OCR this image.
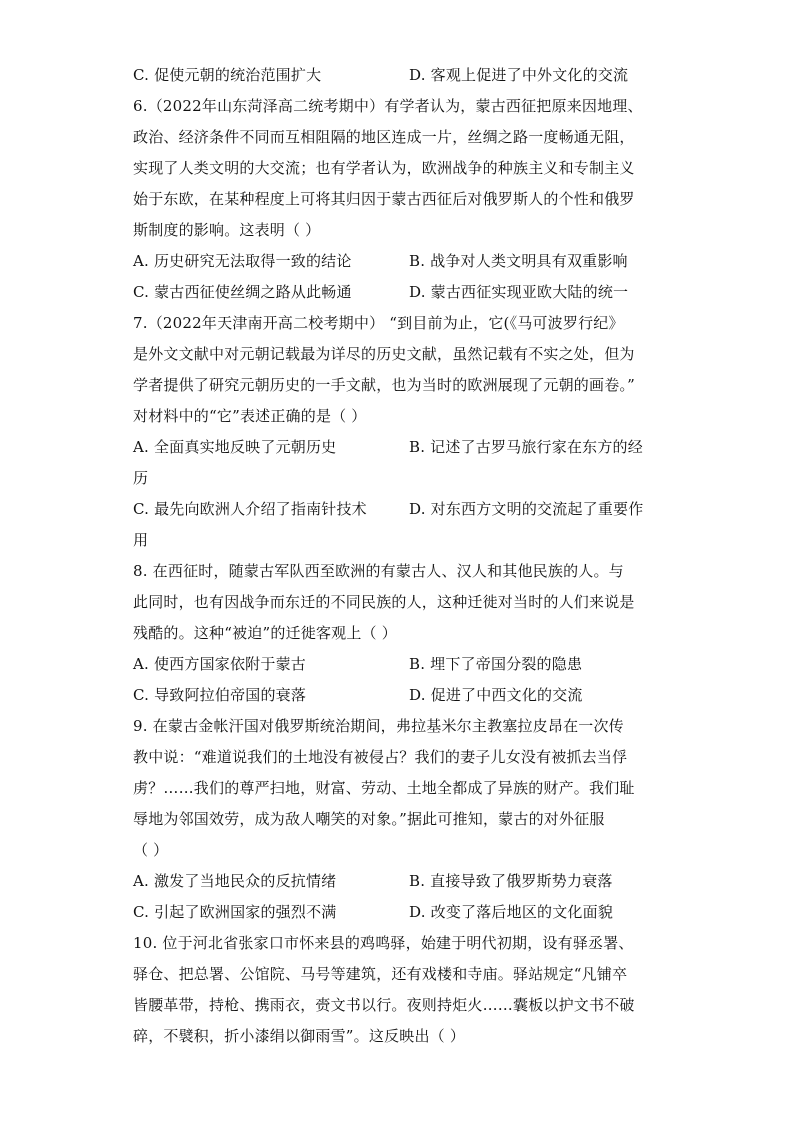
C. 促使元朝的统治范围扩大	D. 客观上促进了中外文化的交流
6.（2022年山东菏泽高二统考期中）有学者认为，蒙古西征把原来因地理、
政治、经济条件不同而互相阻隔的地区连成一片，丝绸之路一度畅通无阻，
实现了人类文明的大交流；也有学者认为，欧洲战争的种族主义和专制主义
始于东欧，在某种程度上可将其归因于蒙古西征后对俄罗斯人的个性和俄罗
斯制度的影响。这表明（ ）
A. 历史研究无法取得一致的结论	B. 战争对人类文明具有双重影响
C. 蒙古西征使丝绸之路从此畅通	D. 蒙古西征实现亚欧大陆的统一
7.（2022年天津南开高二校考期中） “到目前为止，它(《马可波罗行纪》
是外文文献中对元朝记载最为详尽的历史文献，虽然记载有不实之处，但为
学者提供了研究元朝历史的一手文献，也为当时的欧洲展现了元朝的画卷。”
对材料中的“它”表述正确的是（ ）
A. 全面真实地反映了元朝历史	B. 记述了古罗马旅行家在东方的经
历
C. 最先向欧洲人介绍了指南针技术	D. 对东西方文明的交流起了重要作
用
8. 在西征时，随蒙古军队西至欧洲的有蒙古人、汉人和其他民族的人。与
此同时，也有因战争而东迁的不同民族的人，这种迁徙对当时的人们来说是
残酷的。这种“被迫”的迁徙客观上（ ）
A. 使西方国家依附于蒙古	B. 埋下了帝国分裂的隐患
C. 导致阿拉伯帝国的衰落	D. 促进了中西文化的交流
9. 在蒙古金帐汗国对俄罗斯统治期间，弗拉基米尔主教塞拉皮昂在一次传
教中说：“难道说我们的土地没有被侵占？我们的妻子儿女没有被抓去当俘
虏？……我们的尊严扫地，财富、劳动、土地全都成了异族的财产。我们耻
辱地为邻国效劳，成为敌人嘲笑的对象。”据此可推知，蒙古的对外征服
（ ）
A. 激发了当地民众的反抗情绪	B. 直接导致了俄罗斯势力衰落
C. 引起了欧洲国家的强烈不满	D. 改变了落后地区的文化面貌
10. 位于河北省张家口市怀来县的鸡鸣驿，始建于明代初期，设有驿丞署、
驿仓、把总署、公馆院、马号等建筑，还有戏楼和寺庙。驿站规定“凡铺卒
皆腰革带，持枪、携雨衣，赍文书以行。夜则持炬火……囊板以护文书不破
碎，不襞积，折小漆绢以御雨雪”。这反映出（ ）
